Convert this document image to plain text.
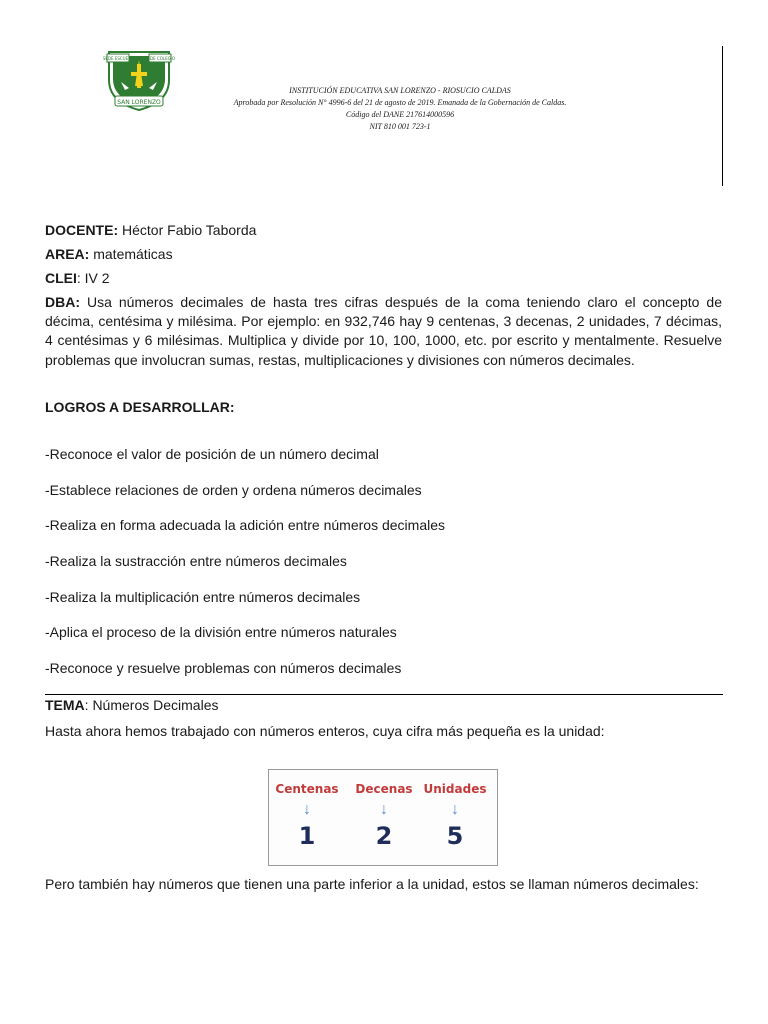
SEDE ESCUELA	SEDE COLEGIO
SAN LORENZO
INSTITUCIÓN EDUCATIVA SAN LORENZO - RIOSUCIO CALDAS
Aprobada por Resolución N° 4996-6 del 21 de agosto de 2019. Emanada de la Gobernación de Caldas.
Código del DANE 217614000596
NIT 810 001 723-1
DOCENTE: Héctor Fabio Taborda
AREA: matemáticas
CLEI: IV 2
DBA: Usa números decimales de hasta tres cifras después de la coma teniendo claro el concepto de décima, centésima y milésima. Por ejemplo: en 932,746 hay 9 centenas, 3 decenas, 2 unidades, 7 décimas, 4 centésimas y 6 milésimas. Multiplica y divide por 10, 100, 1000, etc. por escrito y mentalmente. Resuelve problemas que involucran sumas, restas, multiplicaciones y divisiones con números decimales.
LOGROS A DESARROLLAR:
-Reconoce el valor de posición de un número decimal
-Establece relaciones de orden y ordena números decimales
-Realiza en forma adecuada la adición entre números decimales
-Realiza la sustracción entre números decimales
-Realiza la multiplicación entre números decimales
-Aplica el proceso de la división entre números naturales
-Reconoce y resuelve problemas con números decimales
TEMA: Números Decimales
Hasta ahora hemos trabajado con números enteros, cuya cifra más pequeña es la unidad:
Centenas
↓
1
Decenas
↓
2
Unidades
↓
5
Pero también hay números que tienen una parte inferior a la unidad, estos se llaman números decimales:
